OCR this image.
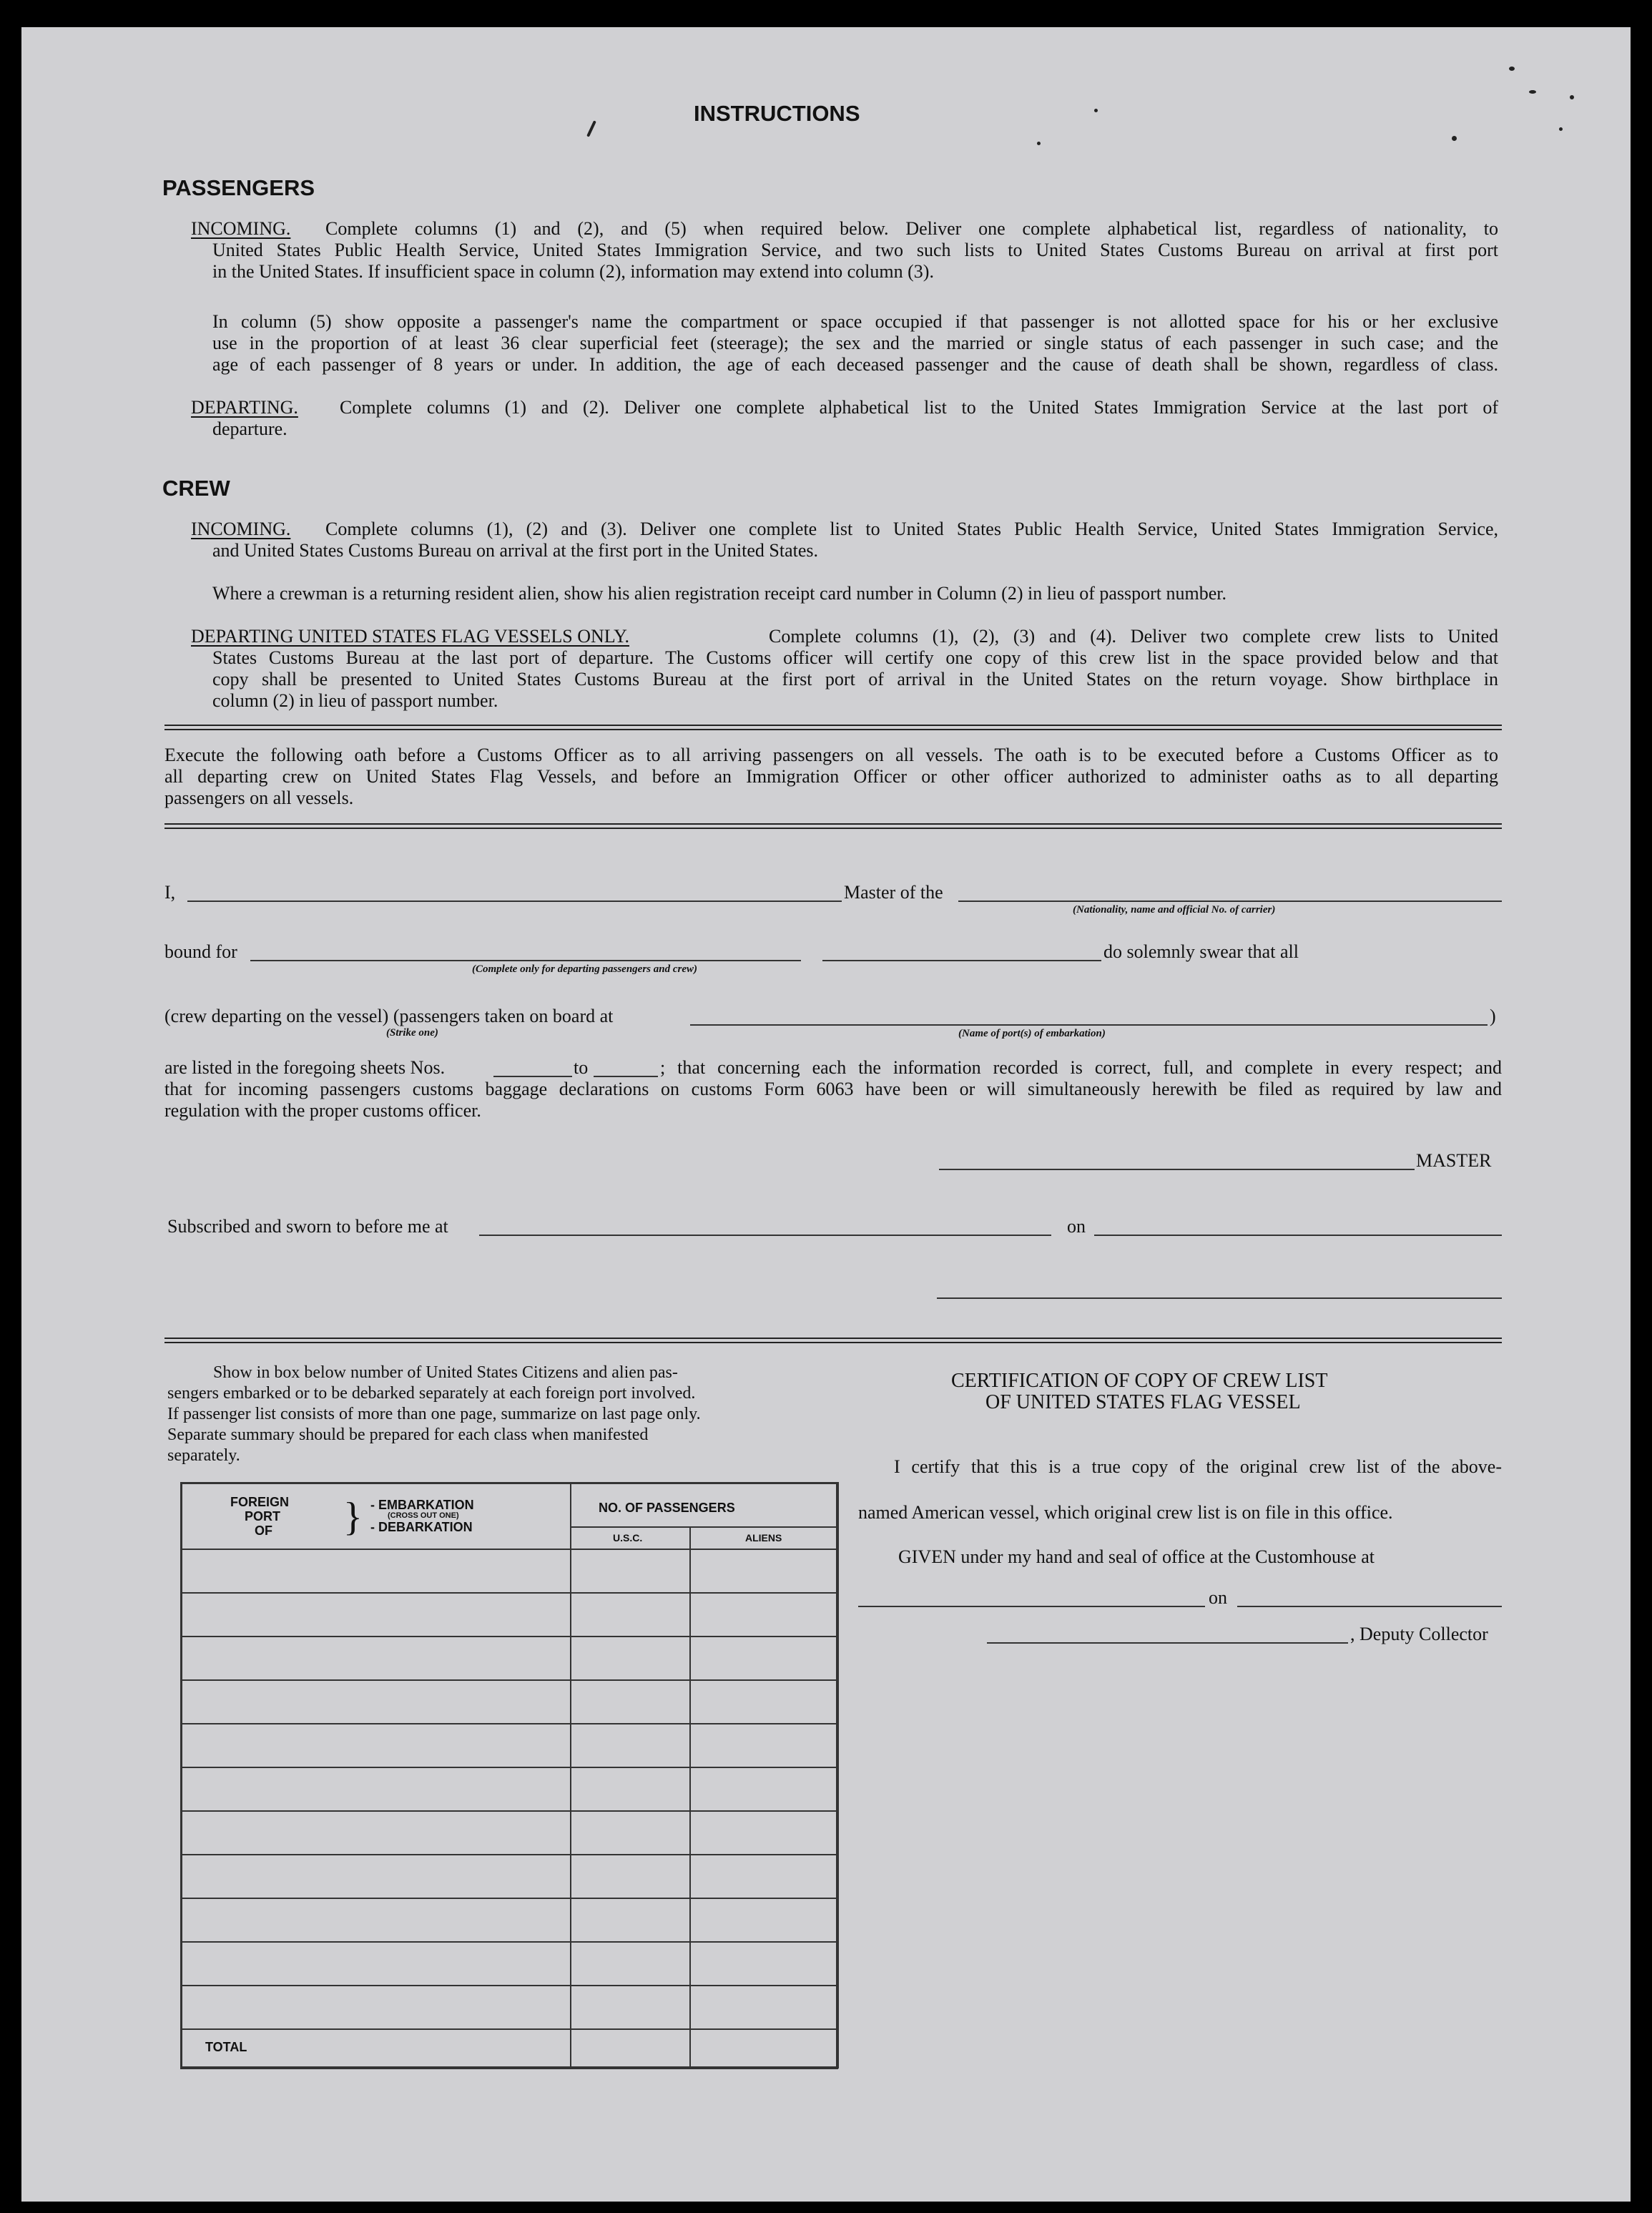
INSTRUCTIONS
PASSENGERS
INCOMING. Complete columns (1) and (2), and (5) when required below. Deliver one complete alphabetical list, regardless of nationality, to
United States Public Health Service, United States Immigration Service, and two such lists to United States Customs Bureau on arrival at first port
in the United States. If insufficient space in column (2), information may extend into column (3).
In column (5) show opposite a passenger's name the compartment or space occupied if that passenger is not allotted space for his or her exclusive
use in the proportion of at least 36 clear superficial feet (steerage); the sex and the married or single status of each passenger in such case; and the
age of each passenger of 8 years or under. In addition, the age of each deceased passenger and the cause of death shall be shown, regardless of class.
DEPARTING. Complete columns (1) and (2). Deliver one complete alphabetical list to the United States Immigration Service at the last port of
departure.
CREW
INCOMING. Complete columns (1), (2) and (3). Deliver one complete list to United States Public Health Service, United States Immigration Service,
and United States Customs Bureau on arrival at the first port in the United States.
Where a crewman is a returning resident alien, show his alien registration receipt card number in Column (2) in lieu of passport number.
DEPARTING UNITED STATES FLAG VESSELS ONLY.	Complete columns (1), (2), (3) and (4). Deliver two complete crew lists to United
States Customs Bureau at the last port of departure. The Customs officer will certify one copy of this crew list in the space provided below and that
copy shall be presented to United States Customs Bureau at the first port of arrival in the United States on the return voyage. Show birthplace in
column (2) in lieu of passport number.
Execute the following oath before a Customs Officer as to all arriving passengers on all vessels. The oath is to be executed before a Customs Officer as to
all departing crew on United States Flag Vessels, and before an Immigration Officer or other officer authorized to administer oaths as to all departing
passengers on all vessels.
I,	Master of the
(Nationality, name and official No. of carrier)
bound for
(Complete only for departing passengers and crew)
do solemnly swear that all
(crew departing on the vessel) (passengers taken on board at
(Strike one)	(Name of port(s) of embarkation)
)
are listed in the foregoing sheets Nos.	to	; that concerning each the information recorded is correct, full, and complete in every respect; and
that for incoming passengers customs baggage declarations on customs Form 6063 have been or will simultaneously herewith be filed as required by law and
regulation with the proper customs officer.
MASTER
Subscribed and sworn to before me at	on
Show in box below number of United States Citizens and alien pas-
sengers embarked or to be debarked separately at each foreign port involved.
If passenger list consists of more than one page, summarize on last page only.
Separate summary should be prepared for each class when manifested
separately.
FOREIGN
PORT
OF } - EMBARKATION
(CROSS OUT ONE)
- DEBARKATION
NO. OF PASSENGERS
U.S.C.	ALIENS
TOTAL
CERTIFICATION OF COPY OF CREW LIST
OF UNITED STATES FLAG VESSEL
I certify that this is a true copy of the original crew list of the above-
named American vessel, which original crew list is on file in this office.
GIVEN under my hand and seal of office at the Customhouse at
on
, Deputy Collector
